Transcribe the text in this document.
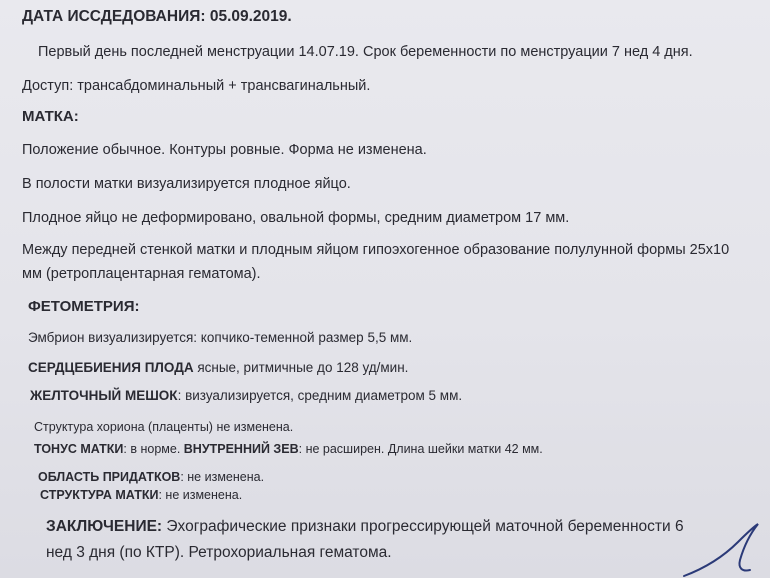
ДАТА ИССДЕДОВАНИЯ: 05.09.2019.
Первый день последней менструации 14.07.19. Срок беременности по менструации 7 нед 4 дня.
Доступ: трансабдоминальный + трансвагинальный.
МАТКА:
Положение обычное. Контуры ровные. Форма не изменена.
В полости матки визуализируется плодное яйцо.
Плодное яйцо не деформировано, овальной формы, средним диаметром 17 мм.
Между передней стенкой матки и плодным яйцом гипоэхогенное образование полулунной формы 25х10
мм (ретроплацентарная гематома).
ФЕТОМЕТРИЯ:
Эмбрион визуализируется: копчико-теменной размер 5,5 мм.
СЕРДЦЕБИЕНИЯ ПЛОДА ясные, ритмичные до 128 уд/мин.
ЖЕЛТОЧНЫЙ МЕШОК: визуализируется, средним диаметром 5 мм.
Структура хориона (плаценты) не изменена.
ТОНУС МАТКИ: в норме. ВНУТРЕННИЙ ЗЕВ: не расширен. Длина шейки матки 42 мм.
ОБЛАСТЬ ПРИДАТКОВ: не изменена.
СТРУКТУРА МАТКИ: не изменена.
ЗАКЛЮЧЕНИЕ: Эхографические признаки прогрессирующей маточной беременности 6
нед 3 дня (по КТР). Ретрохориальная гематома.
